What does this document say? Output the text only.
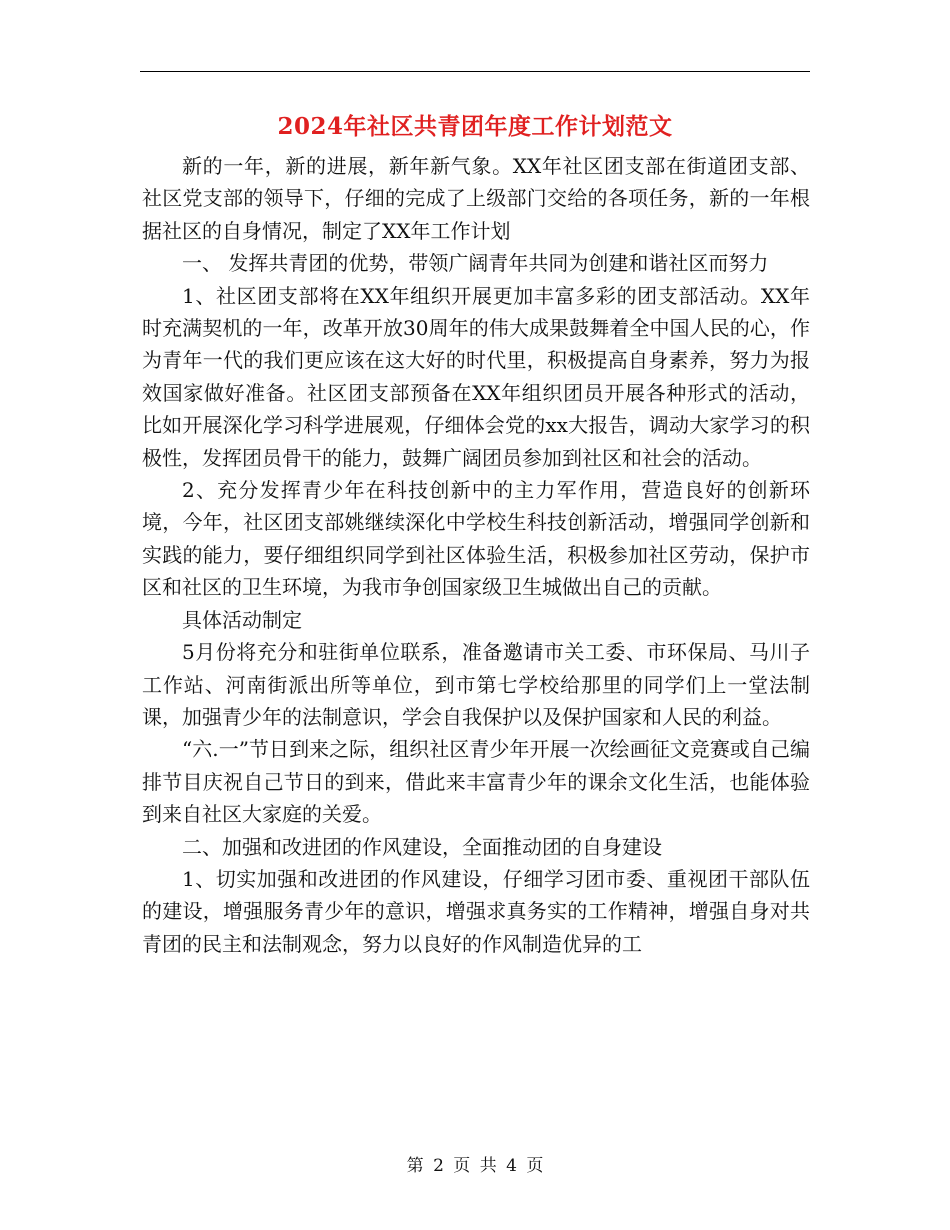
2024年社区共青团年度工作计划范文

新的一年，新的进展，新年新气象。XX年社区团支部在街道团支部、社区党支部的领导下，仔细的完成了上级部门交给的各项任务，新的一年根据社区的自身情况，制定了XX年工作计划

一、 发挥共青团的优势，带领广阔青年共同为创建和谐社区而努力

1、社区团支部将在XX年组织开展更加丰富多彩的团支部活动。XX年时充满契机的一年，改革开放30周年的伟大成果鼓舞着全中国人民的心，作为青年一代的我们更应该在这大好的时代里，积极提高自身素养，努力为报效国家做好准备。社区团支部预备在XX年组织团员开展各种形式的活动，比如开展深化学习科学进展观，仔细体会党的xx大报告，调动大家学习的积极性，发挥团员骨干的能力，鼓舞广阔团员参加到社区和社会的活动。

2、充分发挥青少年在科技创新中的主力军作用，营造良好的创新环境，今年，社区团支部姚继续深化中学校生科技创新活动，增强同学创新和实践的能力，要仔细组织同学到社区体验生活，积极参加社区劳动，保护市区和社区的卫生环境，为我市争创国家级卫生城做出自己的贡献。

具体活动制定

5月份将充分和驻街单位联系，准备邀请市关工委、市环保局、马川子工作站、河南街派出所等单位，到市第七学校给那里的同学们上一堂法制课，加强青少年的法制意识，学会自我保护以及保护国家和人民的利益。

“六.一”节日到来之际，组织社区青少年开展一次绘画征文竞赛或自己编排节目庆祝自己节日的到来，借此来丰富青少年的课余文化生活，也能体验到来自社区大家庭的关爱。

二、加强和改进团的作风建设，全面推动团的自身建设

1、切实加强和改进团的作风建设，仔细学习团市委、重视团干部队伍的建设，增强服务青少年的意识，增强求真务实的工作精神，增强自身对共青团的民主和法制观念，努力以良好的作风制造优异的工

第 2 页 共 4 页
